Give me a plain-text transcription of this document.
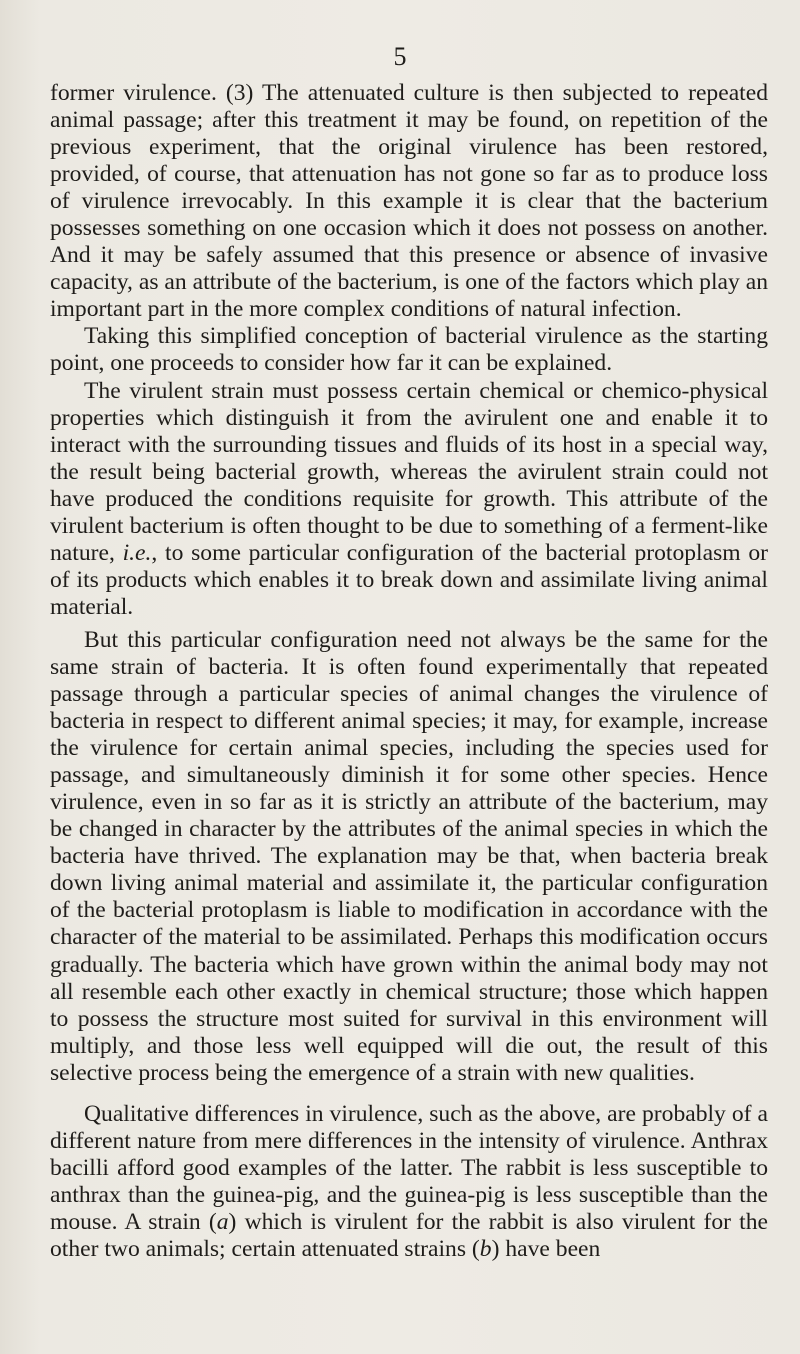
5

former virulence. (3) The attenuated culture is then subjected to repeated animal passage; after this treatment it may be found, on repetition of the previous experiment, that the original virulence has been restored, provided, of course, that attenuation has not gone so far as to produce loss of virulence irrevocably. In this example it is clear that the bacterium possesses something on one occasion which it does not possess on another. And it may be safely assumed that this presence or absence of invasive capacity, as an attribute of the bacterium, is one of the factors which play an important part in the more complex conditions of natural infection.

Taking this simplified conception of bacterial virulence as the starting point, one proceeds to consider how far it can be explained.

The virulent strain must possess certain chemical or chemico-physical properties which distinguish it from the avirulent one and enable it to interact with the surrounding tissues and fluids of its host in a special way, the result being bacterial growth, whereas the avirulent strain could not have produced the conditions requisite for growth. This attribute of the virulent bacterium is often thought to be due to something of a ferment-like nature, i.e., to some particular configuration of the bacterial protoplasm or of its products which enables it to break down and assimilate living animal material.

But this particular configuration need not always be the same for the same strain of bacteria. It is often found experimentally that repeated passage through a particular species of animal changes the virulence of bacteria in respect to different animal species; it may, for example, increase the virulence for certain animal species, including the species used for passage, and simultaneously diminish it for some other species. Hence virulence, even in so far as it is strictly an attribute of the bacterium, may be changed in character by the attributes of the animal species in which the bacteria have thrived. The explanation may be that, when bacteria break down living animal material and assimilate it, the particular configuration of the bacterial protoplasm is liable to modification in accordance with the character of the material to be assimilated. Perhaps this modification occurs gradually. The bacteria which have grown within the animal body may not all resemble each other exactly in chemical structure; those which happen to possess the structure most suited for survival in this environment will multiply, and those less well equipped will die out, the result of this selective process being the emergence of a strain with new qualities.

Qualitative differences in virulence, such as the above, are probably of a different nature from mere differences in the intensity of virulence. Anthrax bacilli afford good examples of the latter. The rabbit is less susceptible to anthrax than the guinea-pig, and the guinea-pig is less susceptible than the mouse. A strain (a) which is virulent for the rabbit is also virulent for the other two animals; certain attenuated strains (b) have been
